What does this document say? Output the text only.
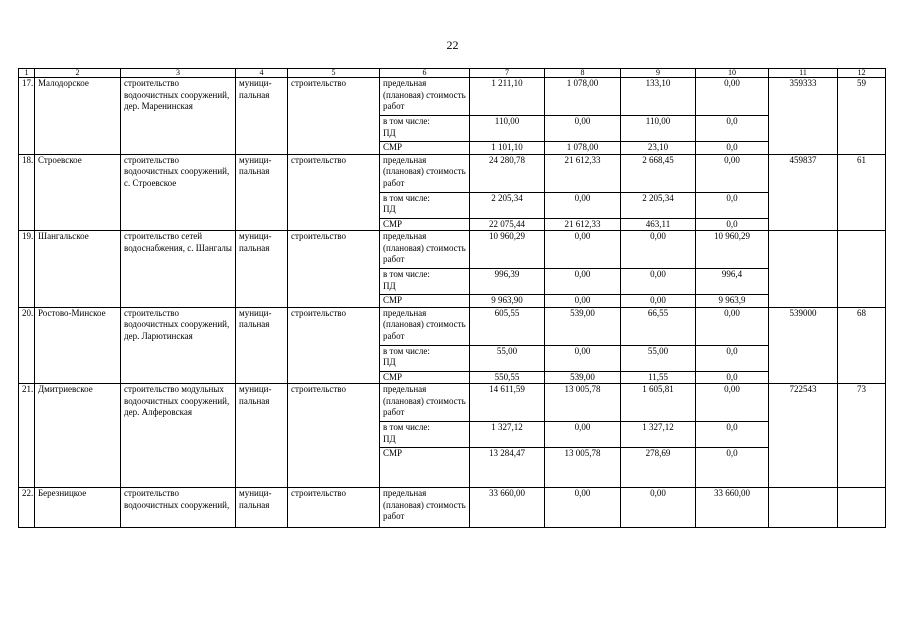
22
1	2	3	4	5	6	7	8	9	10	11	12
17.	Малодорское	строительство водоочистных сооружений, дер. Маренинская	муници-пальная	строительство	предельная (плановая) стоимость работ	1 211,10	1 078,00	133,10	0,00	359333	59
					в том числе:	110,00	0,00	110,00	0,0		
					ПД						
					СМР	1 101,10	1 078,00	23,10	0,0		
18.	Строевское	строительство водоочистных сооружений, с. Строевское	муници-пальная	строительство	предельная (плановая) стоимость работ	24 280,78	21 612,33	2 668,45	0,00	459837	61
					в том числе:	2 205,34	0,00	2 205,34	0,0		
					ПД						
					СМР	22 075,44	21 612,33	463,11	0,0		
19.	Шангальское	строительство сетей водоснабжения, с. Шангалы	муници-пальная	строительство	предельная (плановая) стоимость работ	10 960,29	0,00	0,00	10 960,29		
					в том числе:	996,39	0,00	0,00	996,4		
					ПД						
					СМР	9 963,90	0,00	0,00	9 963,9		
20.	Ростово-Минское	строительство водоочистных сооружений, дер. Ларютинская	муници-пальная	строительство	предельная (плановая) стоимость работ	605,55	539,00	66,55	0,00	539000	68
					в том числе:	55,00	0,00	55,00	0,0		
					ПД						
					СМР	550,55	539,00	11,55	0,0		
21.	Дмитриевское	строительство модульных водоочистных сооружений, дер. Алферовская	муници-пальная	строительство	предельная (плановая) стоимость работ	14 611,59	13 005,78	1 605,81	0,00	722543	73
					в том числе:	1 327,12	0,00	1 327,12	0,0		
					ПД						
					СМР	13 284,47	13 005,78	278,69	0,0		
22.	Березницкое	строительство водоочистных сооружений,	муници-пальная	строительство	предельная (плановая) стоимость работ	33 660,00	0,00	0,00	33 660,00		
